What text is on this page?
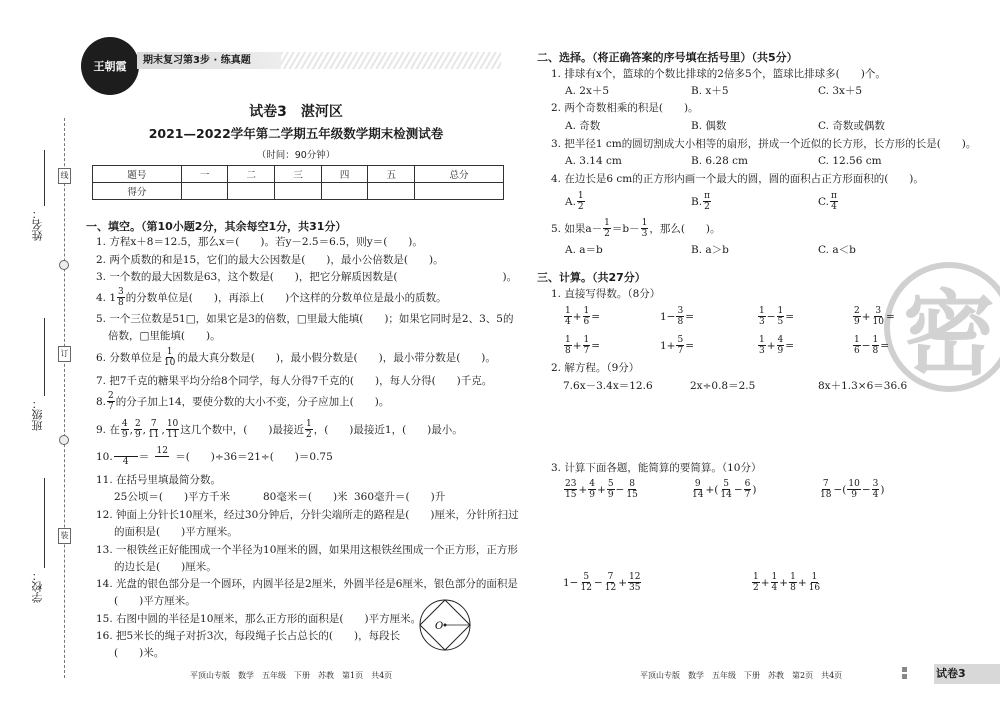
线
订
装
姓名：
班级：
学校：
王朝霞	期末复习第3步 · 练真题
试卷3　湛河区
2021—2022学年第二学期五年级数学期末检测试卷
（时间：90分钟）
题号	一	二	三	四	五	总分
得分						
一、填空。（第10小题2分，其余每空1分，共31分）
1. 方程x＋8＝12.5，那么x＝(　　)。若y－2.5＝6.5，则y＝(　　)。
2. 两个质数的和是15，它们的最大公因数是(　　)，最小公倍数是(　　)。
3. 一个数的最大因数是63，这个数是(　　)，把它分解质因数是(　　　　　　　　　　)。
4. $1 \frac{3}{8}$ 的分数单位是(　　)，再添上(　　)个这样的分数单位是最小的质数。
5. 一个三位数是51□，如果它是3的倍数，□里最大能填(　　)；如果它同时是2、3、5的
倍数，□里能填(　　)。
6. 分数单位是 $\frac{1}{10}$ 的最大真分数是(　　)，最小假分数是(　　)，最小带分数是(　　)。
7. 把7千克的糖果平均分给8个同学，每人分得7千克的(　　)，每人分得(　　)千克。
8. $\frac{2}{7}$ 的分子加上14，要使分数的大小不变，分子应加上(　　)。
9. 在 $\frac{4}{9}$ , $\frac{2}{9}$ , $\frac{7}{11}$ , $\frac{10}{11}$ 这几个数中，(　　)最接近 $\frac{1}{2}$ ，(　　)最接近1，(　　)最小。
10.
　 4 ＝ 12
　 ＝(　　)÷36＝21÷(　　)＝0.75
11. 在括号里填最简分数。
25公顷＝(　　)平方千米	80毫米＝(　　)米 360毫升＝(　　)升
12. 钟面上分针长10厘米，经过30分钟后，分针尖端所走的路程是(　　)厘米，分针所扫过
的面积是(　　)平方厘米。
13. 一根铁丝正好能围成一个半径为10厘米的圆，如果用这根铁丝围成一个正方形，正方形
的边长是(　　)厘米。
14. 光盘的银色部分是一个圆环，内圆半径是2厘米，外圆半径是6厘米，银色部分的面积是
(　　)平方厘米。
15. 右图中圆的半径是10厘米，那么正方形的面积是(　　)平方厘米。
16. 把5米长的绳子对折3次，每段绳子长占总长的(　　)，每段长
(　　)米。
O
平顶山专版　数学　五年级　下册　苏教　第1页　共4页
二、选择。（将正确答案的序号填在括号里）（共5分）
1. 排球有x个，篮球的个数比排球的2倍多5个，篮球比排球多(　　)个。
A. 2x＋5	B. x＋5	C. 3x＋5
2. 两个奇数相乘的积是(　　)。
A. 奇数	B. 偶数	C. 奇数或偶数
3. 把半径1 cm的圆切割成大小相等的扇形，拼成一个近似的长方形，长方形的长是(　　)。
A. 3.14 cm	B. 6.28 cm	C. 12.56 cm
4. 在边长是6 cm的正方形内画一个最大的圆，圆的面积占正方形面积的(　　)。
A. $\frac{1}{2}$	B. $\frac{\pi}{2}$	C. $\frac{\pi}{4}$
5. 如果$a- \frac{1}{2} =b- \frac{1}{3}$ ，那么(　　)。
A. a＝b	B. a＞b	C. a＜b
三、计算。（共27分）
1. 直接写得数。（8分）
2. 解方程。（9分）
7.6x－3.4x＝12.6	2x÷0.8＝2.5	8x＋1.3×6＝36.6
3. 计算下面各题，能简算的要简算。（10分）
密
平顶山专版　数学　五年级　下册　苏教　第2页　共4页	试卷3
$\frac{1}{4} + \frac{1}{6}$ =	$1- \frac{3}{8}$ =	$\frac{1}{3} - \frac{1}{5}$ =	$\frac{2}{9} + \frac{3}{10}$ =
$\frac{1}{8} + \frac{1}{7}$ =	$1+ \frac{5}{7}$ =	$\frac{1}{3} + \frac{4}{9}$ =	$\frac{1}{6} - \frac{1}{8}$ =
$\frac{23}{15} + \frac{4}{9} + \frac{5}{9} - \frac{8}{15}$	$\frac{9}{14}$ +( $\frac{5}{14} - \frac{6}{7}$ )	$\frac{7}{18}$ −( $\frac{10}{9} - \frac{3}{4}$ )
$1- \frac{5}{12} - \frac{7}{12} + \frac{12}{35}$	$\frac{1}{2} + \frac{1}{4} + \frac{1}{8} + \frac{1}{16}$
